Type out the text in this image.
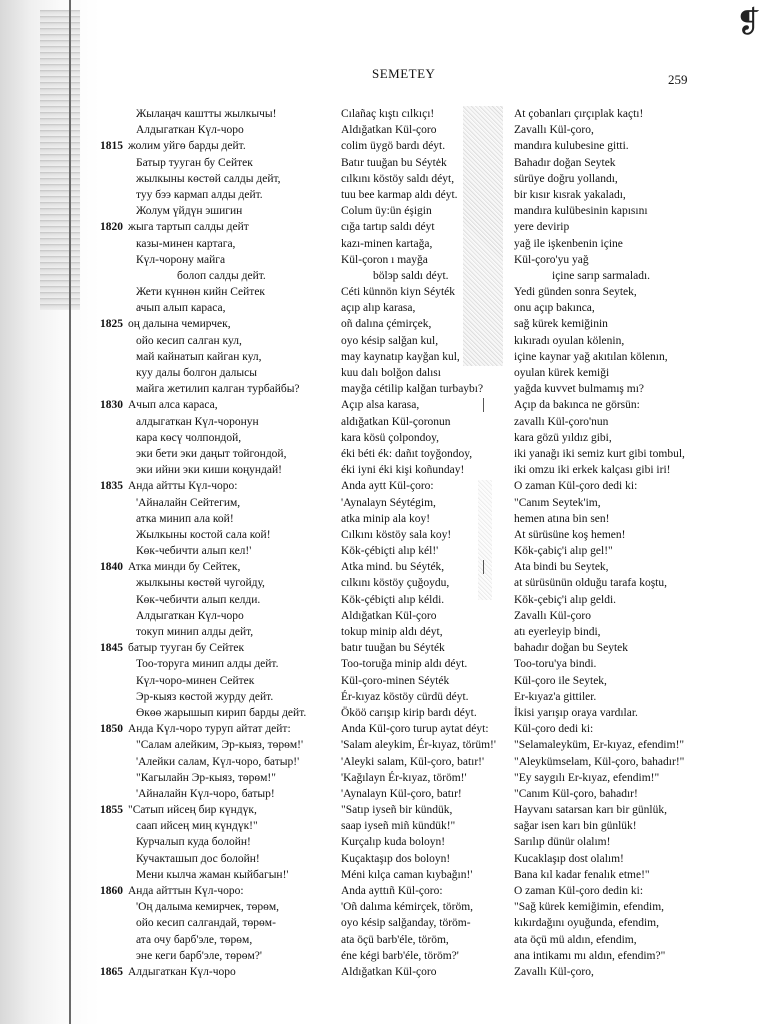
❡
SEMETEY	259
Жылаңач каштты жылкычы!
Алдыгаткан Күл-чоро
1815 жолим уйгө барды дейт.
Батыр тууган бу Сейтек
жылкыны көстөй салды дейт,
туу бээ кармап алды дейт.
Жолум үйдүн эшигин
1820 жыга тартып салды дейт
казы-минен картага,
Күл-чорону майга
болоп салды дейт.
Жети күннөн кийн Сейтек
ачып алып караса,
1825 оң далына чемирчек,
ойо кесип салган кул,
май кайнатып кайган кул,
куу далы болгон далысы
майга жетилип калган турбайбы?
1830 Ачып алса караса,
алдыгаткан Күл-чоронун
кара көсү чолпондой,
эки бети эки даңыт тойгондой,
эки ийни эки киши коңундай!
1835 Анда айтты Күл-чоро:
'Айналайн Сейтегим,
атка минип ала кой!
Жылкыны костой сала кой!
Көк-чебичти алып кел!'
1840 Атка минди бу Сейтек,
жылкыны көстөй чугойду,
Көк-чебичти алып келди.
Алдыгаткан Күл-чоро
токуп минип алды дейт,
1845 батыр тууган бу Сейтек
Тоо-торуга минип алды дейт.
Күл-чоро-минен Сейтек
Эр-кыяз көстой журду дейт.
Өкөө жарышып кирип барды дейт.
1850 Анда Күл-чоро туруп айтат дейт:
"Салам алейким, Эр-кыяз, төрөм!'
'Алейки салам, Күл-чоро, батыр!'
"Кагылайн Эр-кыяз, төрөм!"
'Айналайн Күл-чоро, батыр!
1855 "Сатып ийсең бир күндүк,
саап ийсең миң күндүк!"
Курчалып куда болойн!
Кучакташып дос болойн!
Мени кылча жаман кыйбагын!'
1860 Анда айттын Күл-чоро:
'Оң далыма кемирчек, төрөм,
ойо кесип салгандай, төрөм-
ата очу барб'эле, төрөм,
эне кеги барб'эле, төрөм?'
1865 Алдыгаткан Күл-чоро
Cılañaç kıştı cılkıçı!
Aldığatkan Kül-çoro
colim üygö bardı déyt.
Batır tuuğan bu Séytėk
cılkını köstöy saldı déyt,
tuu bee karmap aldı déyt.
Colum üy:ün éşigin
cığa tartıp saldı déyt
kazı-minen kartağa,
Kül-çoron ı mayğa
bölэp saldı déyt.
Céti künnön kiyn Séyték
açıp alıp karasa,
oñ dalına çémirçek,
oyo késip salğan kul,
may kaynatıp kayğan kul,
kuu dalı bolğon dalısı
mayğa cétilip kalğan turbaybı?
Açıp alsa karasa,
aldığatkan Kül-çoronun
kara kösü çolpondoy,
éki béti ék: dañıt toyğondoy,
éki iyni éki kişi koñunday!
Anda aytt Kül-çoro:
'Aynalayn Séytégim,
atka minip ala koy!
Cılkını köstöy sala koy!
Kök-çébiçti alıp kél!'
Atka mind. bu Séyték,
cılkını köstöy çuğoydu,
Kök-çébiçti alıp kéldi.
Aldığatkan Kül-çoro
tokup minip aldı déyt,
batır tuuğan bu Séyték
Too-toruğa minip aldı déyt.
Kül-çoro-minen Séyték
Ér-kıyaz köstöy cürdü déyt.
Ököö carışıp kirip bardı déyt.
Anda Kül-çoro turup aytat déyt:
'Salam aleykim, Ér-kıyaz, törüm!'
'Aleyki salam, Kül-çoro, batır!'
'Kağılayn Ér-kıyaz, töröm!'
'Aynalayn Kül-çoro, batır!
"Satıp iyseñ bir kündük,
saap iyseñ miñ kündük!"
Kurçalıp kuda boloyn!
Kuçaktaşıp dos boloyn!
Méni kılça caman kıybağın!'
Anda ayttıñ Kül-çoro:
'Oñ dalıma kémirçek, töröm,
oyo késip salğanday, töröm-
ata öçü barb'éle, töröm,
éne kégi barb'éle, töröm?'
Aldığatkan Kül-çoro
At çobanları çırçıplak kaçtı!
Zavallı Kül-çoro,
mandıra kulubesine gitti.
Bahadır doğan Seytek
sürüye doğru yollandı,
bir kısır kısrak yakaladı,
mandıra kulübesinin kapısını
yere devirip
yağ ile işkenbenin içine
Kül-çoro'yu yağ
içine sarıp sarmaladı.
Yedi günden sonra Seytek,
onu açıp bakınca,
sağ kürek kemiğinin
kıkıradı oyulan kölenin,
içine kaynar yağ akıtılan kölenın,
oyulan kürek kemiği
yağda kuvvet bulmamış mı?
Açıp da bakınca ne görsün:
zavallı Kül-çoro'nun
kara gözü yıldız gibi,
iki yanağı iki semiz kurt gibi tombul,
iki omzu iki erkek kalçası gibi iri!
O zaman Kül-çoro dedi ki:
"Canım Seytek'im,
hemen atına bin sen!
At sürüsüne koş hemen!
Kök-çabiç'i alıp gel!"
Ata bindi bu Seytek,
at sürüsünün olduğu tarafa koştu,
Kök-çebiç'i alıp geldi.
Zavallı Kül-çoro
atı eyerleyip bindi,
bahadır doğan bu Seytek
Too-toru'ya bindi.
Kül-çoro ile Seytek,
Er-kıyaz'a gittiler.
İkisi yarışıp oraya vardılar.
Kül-çoro dedi ki:
"Selamaleyküm, Er-kıyaz, efendim!"
"Aleykümselam, Kül-çoro, bahadır!"
"Ey saygılı Er-kıyaz, efendim!"
"Canım Kül-çoro, bahadır!
Hayvanı satarsan karı bir günlük,
sağar isen karı bin günlük!
Sarılıp dünür olalım!
Kucaklaşıp dost olalım!
Bana kıl kadar fenalık etme!"
O zaman Kül-çoro dedin ki:
"Sağ kürek kemiğimin, efendim,
kıkırdağını oyuğunda, efendim,
ata öçü mü aldın, efendim,
ana intikamı mı aldın, efendim?"
Zavallı Kül-çoro,
